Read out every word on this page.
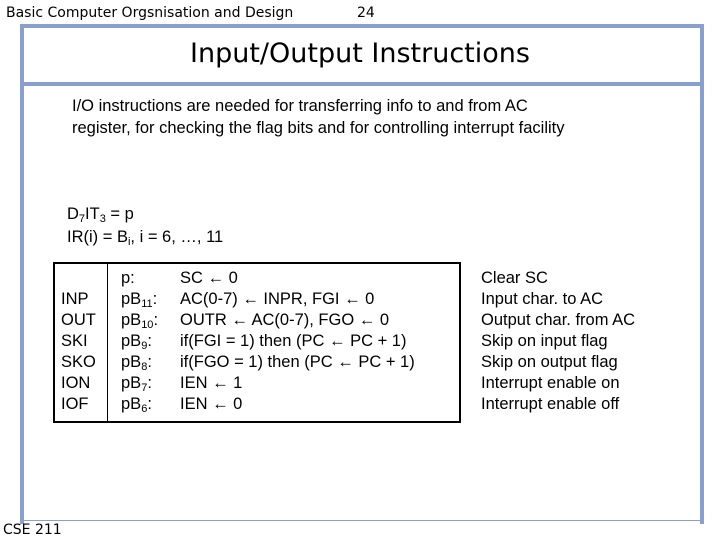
Basic Computer Orgsnisation and Design	24
Input/Output Instructions
I/O instructions are needed for transferring info to and from AC
register, for checking the flag bits and for controlling interrupt facility
$D_7IT_3 = p$
$IR(i) = B_i$, i = 6, …, 11
INP
OUT
SKI
SKO
ION
IOF
p:
$pB_{11}$:
$pB_{10}$:
$pB_9$:
$pB_8$:
$pB_7$:
$pB_6$:
SC ← 0
AC(0-7) ← INPR, FGI ← 0
OUTR ← AC(0-7), FGO ← 0
if(FGI = 1) then (PC ← PC + 1)
if(FGO = 1) then (PC ← PC + 1)
IEN ← 1
IEN ← 0
Clear SC
Input char. to AC
Output char. from AC
Skip on input flag
Skip on output flag
Interrupt enable on
Interrupt enable off
CSE 211
